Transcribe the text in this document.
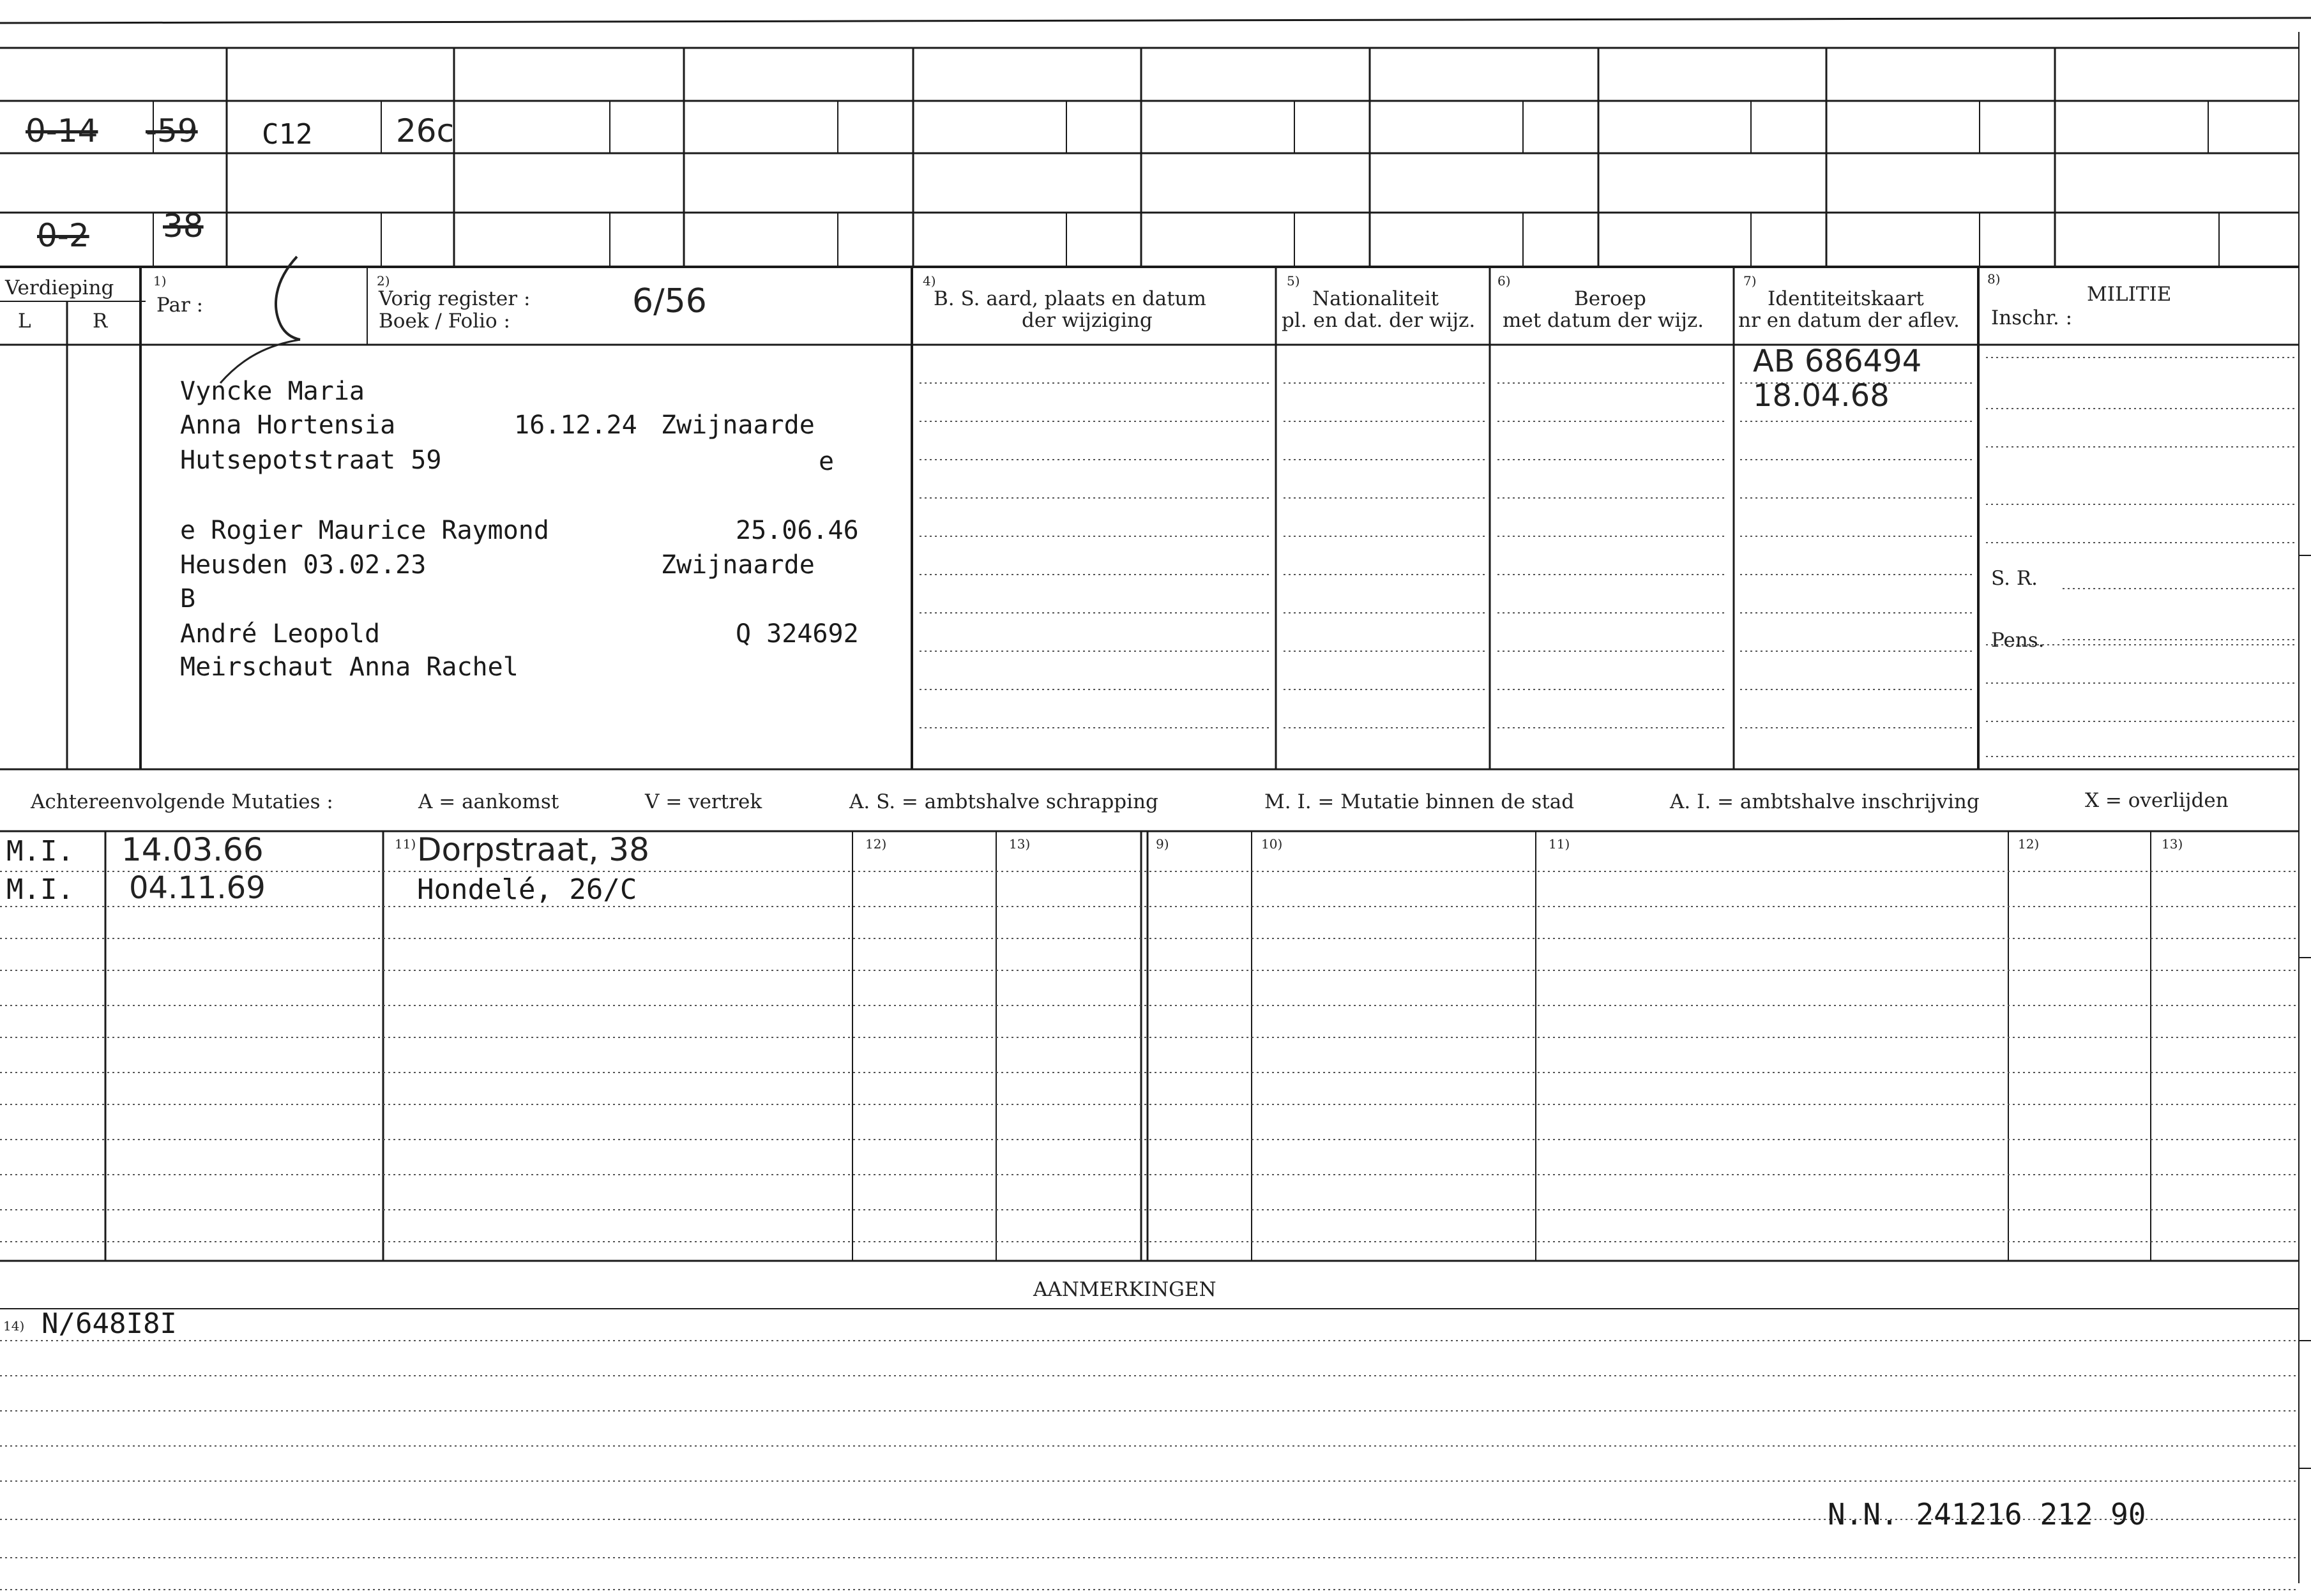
0-14 -59 C12	26c
0-2 38
Verdieping
L	R
1)
Par :
2)
Vorig register :
Boek / Folio :
6/56
4)
B. S. aard, plaats en datum
der wijziging
5)
Nationaliteit
pl. en dat. der wijz.
6)
Beroep
met datum der wijz.
7)
Identiteitskaart
nr en datum der aflev.
8)
MILITIE
Inschr. :
Vyncke Maria
Anna Hortensia	16.12.24 Zwijnaarde
Hutsepotstraat 59	e
e Rogier Maurice Raymond	25.06.46
Heusden 03.02.23	Zwijnaarde
B
André Leopold	Q 324692
Meirschaut Anna Rachel
AB 686494
18.04.68
S. R.
Pens.
Achtereenvolgende Mutaties :	A = aankomst	V = vertrek	A. S. = ambtshalve schrapping	M. I. = Mutatie binnen de stad	A. I. = ambtshalve inschrijving	X = overlijden
11)	12)	13)	9)	10)	11)	12)	13)
M.I. 14.03.66	Dorpstraat, 38
M.I. 04.11.69	Hondelé, 26/C
AANMERKINGEN
14) N/648I8I
N.N. 241216 212 90
